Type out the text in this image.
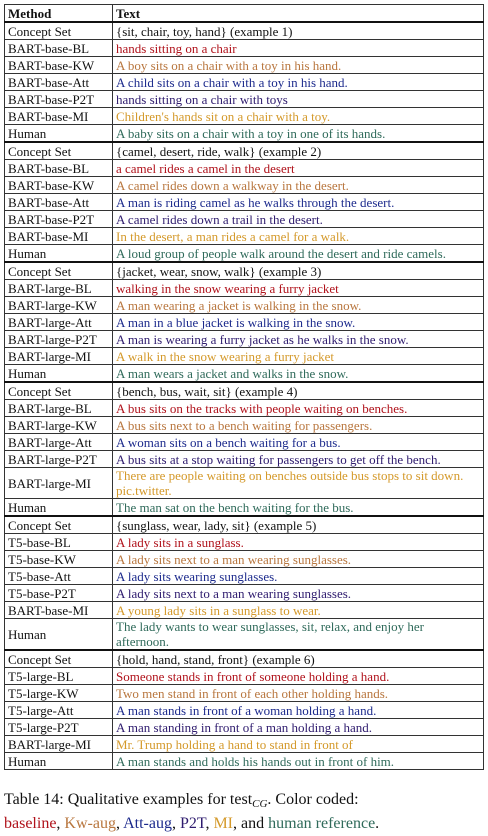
Method	Text
Concept Set	{sit, chair, toy, hand} (example 1)
BART-base-BL	hands sitting on a chair
BART-base-KW	A boy sits on a chair with a toy in his hand.
BART-base-Att	A child sits on a chair with a toy in his hand.
BART-base-P2T	hands sitting on a chair with toys
BART-base-MI	Children's hands sit on a chair with a toy.
Human	A baby sits on a chair with a toy in one of its hands.
Concept Set	{camel, desert, ride, walk} (example 2)
BART-base-BL	a camel rides a camel in the desert
BART-base-KW	A camel rides down a walkway in the desert.
BART-base-Att	A man is riding camel as he walks through the desert.
BART-base-P2T	A camel rides down a trail in the desert.
BART-base-MI	In the desert, a man rides a camel for a walk.
Human	A loud group of people walk around the desert and ride camels.
Concept Set	{jacket, wear, snow, walk} (example 3)
BART-large-BL	walking in the snow wearing a furry jacket
BART-large-KW	A man wearing a jacket is walking in the snow.
BART-large-Att	A man in a blue jacket is walking in the snow.
BART-large-P2T	A man is wearing a furry jacket as he walks in the snow.
BART-large-MI	A walk in the snow wearing a furry jacket
Human	A man wears a jacket and walks in the snow.
Concept Set	{bench, bus, wait, sit} (example 4)
BART-large-BL	A bus sits on the tracks with people waiting on benches.
BART-large-KW	A bus sits next to a bench waiting for passengers.
BART-large-Att	A woman sits on a bench waiting for a bus.
BART-large-P2T	A bus sits at a stop waiting for passengers to get off the bench.
BART-large-MI	There are people waiting on benches outside bus stops to sit down. pic.twitter.
Human	The man sat on the bench waiting for the bus.
Concept Set	{sunglass, wear, lady, sit} (example 5)
T5-base-BL	A lady sits in a sunglass.
T5-base-KW	A lady sits next to a man wearing sunglasses.
T5-base-Att	A lady sits wearing sunglasses.
T5-base-P2T	A lady sits next to a man wearing sunglasses.
BART-base-MI	A young lady sits in a sunglass to wear.
Human	The lady wants to wear sunglasses, sit, relax, and enjoy her afternoon.
Concept Set	{hold, hand, stand, front} (example 6)
T5-large-BL	Someone stands in front of someone holding a hand.
T5-large-KW	Two men stand in front of each other holding hands.
T5-large-Att	A man stands in front of a woman holding a hand.
T5-large-P2T	A man standing in front of a man holding a hand.
BART-large-MI	Mr. Trump holding a hand to stand in front of
Human	A man stands and holds his hands out in front of him.
Table 14: Qualitative examples for test$_{CG}$. Color coded:
baseline, Kw-aug, Att-aug, P2T, MI, and human reference.
